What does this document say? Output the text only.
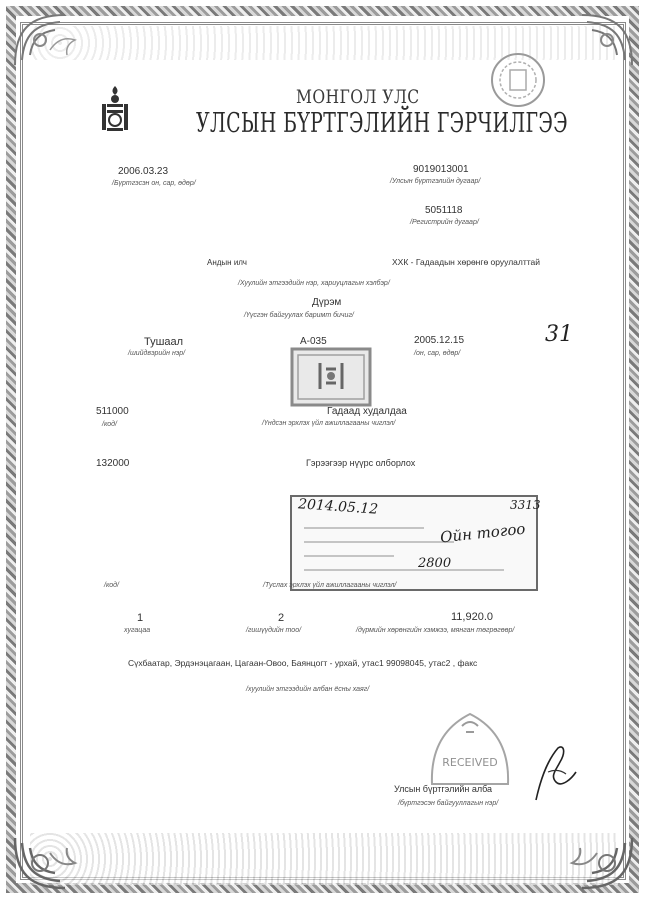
МОНГОЛ УЛС
УЛСЫН БҮРТГЭЛИЙН ГЭРЧИЛГЭЭ
2006.03.23
/Бүртгэсэн он, сар, өдөр/
9019013001
/Улсын бүртгэлийн дугаар/
5051118
/Регистрийн дугаар/
Андын илч	ХХК - Гадаадын хөрөнгө оруулалттай
/Хуулийн этгээдийн нэр, хариуцлагын хэлбэр/
Дүрэм
/Үүсгэн байгуулах баримт бичиг/
Тушаал
/шийдвэрийн нэр/
А-035	2005.12.15
/он, сар, өдөр/
31
511000
/код/
Гадаад худалдаа
/Үндсэн эрхлэх үйл ажиллагааны чиглэл/
132000	Гэрээгээр нүүрс олборлох
2014.05.12	3313
Ойн тогоо
2800
/код/	/Туслах эрхлэх үйл ажиллагааны чиглэл/
1
хугацаа
2
/гишүүдийн тоо/
11,920.0
/дүрмийн хөрөнгийн хэмжээ, мянган төгрөгөөр/
Сүхбаатар, Эрдэнэцагаан, Цагаан-Овоо, Баянцогт - урхай, утас1 99098045, утас2 , факс
/хуулийн этгээдийн албан ёсны хаяг/
RECEIVED
Улсын бүртгэлийн алба
/бүртгэсэн байгууллагын нэр/
